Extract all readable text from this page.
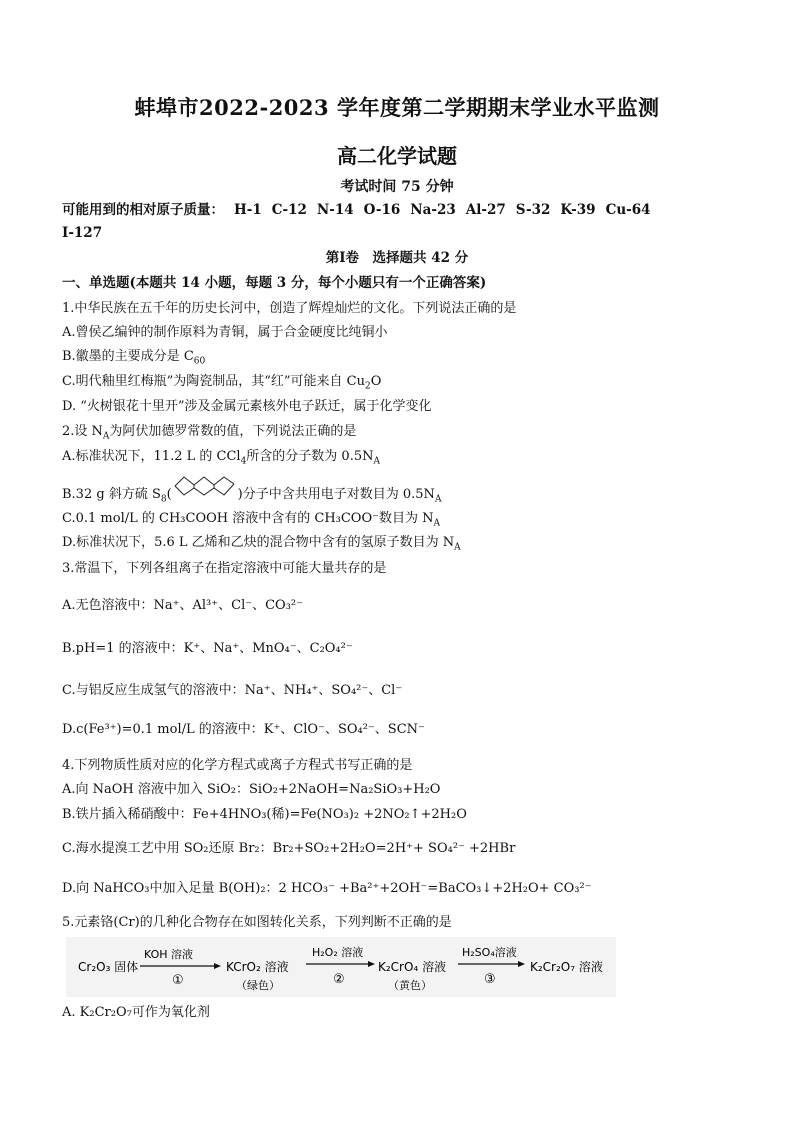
蚌埠市2022-2023 学年度第二学期期末学业水平监测
高二化学试题
考试时间 75 分钟
可能用到的相对原子质量： H-1 C-12 N-14 O-16 Na-23 Al-27 S-32 K-39 Cu-64
I-127
第Ⅰ卷　选择题共 42 分
一、单选题(本题共 14 小题，每题 3 分，每个小题只有一个正确答案)
1.中华民族在五千年的历史长河中，创造了辉煌灿烂的文化。下列说法正确的是
A.曾侯乙编钟的制作原料为青铜，属于合金硬度比纯铜小
B.徽墨的主要成分是 $C_{60}$
C.明代釉里红梅瓶”为陶瓷制品，其“红”可能来自 $Cu_2O$
D. “火树银花十里开”涉及金属元素核外电子跃迁，属于化学变化
2.设 $N_A$为阿伏加德罗常数的值，下列说法正确的是
A.标准状况下，11.2 L 的 CCl$_4$所含的分子数为 $0.5N_A$
B.32 g 斜方硫 $S_8$(	)分子中含共用电子对数目为 $0.5N_A$
C.0.1 mol/L 的 CH₃COOH 溶液中含有的 CH₃COO⁻数目为 $N_A$
D.标准状况下，5.6 L 乙烯和乙炔的混合物中含有的氢原子数目为 $N_A$
3.常温下，下列各组离子在指定溶液中可能大量共存的是
A.无色溶液中：Na⁺、Al³⁺、Cl⁻、CO₃²⁻
B.pH=1 的溶液中：K⁺、Na⁺、MnO₄⁻、C₂O₄²⁻
C.与铝反应生成氢气的溶液中：Na⁺、NH₄⁺、SO₄²⁻、Cl⁻
D.c(Fe³⁺)=0.1 mol/L 的溶液中：K⁺、ClO⁻、SO₄²⁻、SCN⁻
4.下列物质性质对应的化学方程式或离子方程式书写正确的是
A.向 NaOH 溶液中加入 SiO₂：SiO₂+2NaOH=Na₂SiO₃+H₂O
B.铁片插入稀硝酸中：Fe+4HNO₃(稀)=Fe(NO₃)₂ +2NO₂↑+2H₂O
C.海水提溴工艺中用 SO₂还原 Br₂：Br₂+SO₂+2H₂O=2H⁺+ SO₄²⁻ +2HBr
D.向 NaHCO₃中加入足量 B(OH)₂：2 HCO₃⁻ +Ba²⁺+2OH⁻=BaCO₃↓+2H₂O+ CO₃²⁻
5.元素铬(Cr)的几种化合物存在如图转化关系，下列判断不正确的是
Cr₂O₃ 固体
KOH 溶液
①
KCrO₂ 溶液
（绿色）
H₂O₂ 溶液
②
K₂CrO₄ 溶液
（黄色）
H₂SO₄溶液
③
K₂Cr₂O₇ 溶液
A. K₂Cr₂O₇可作为氧化剂
